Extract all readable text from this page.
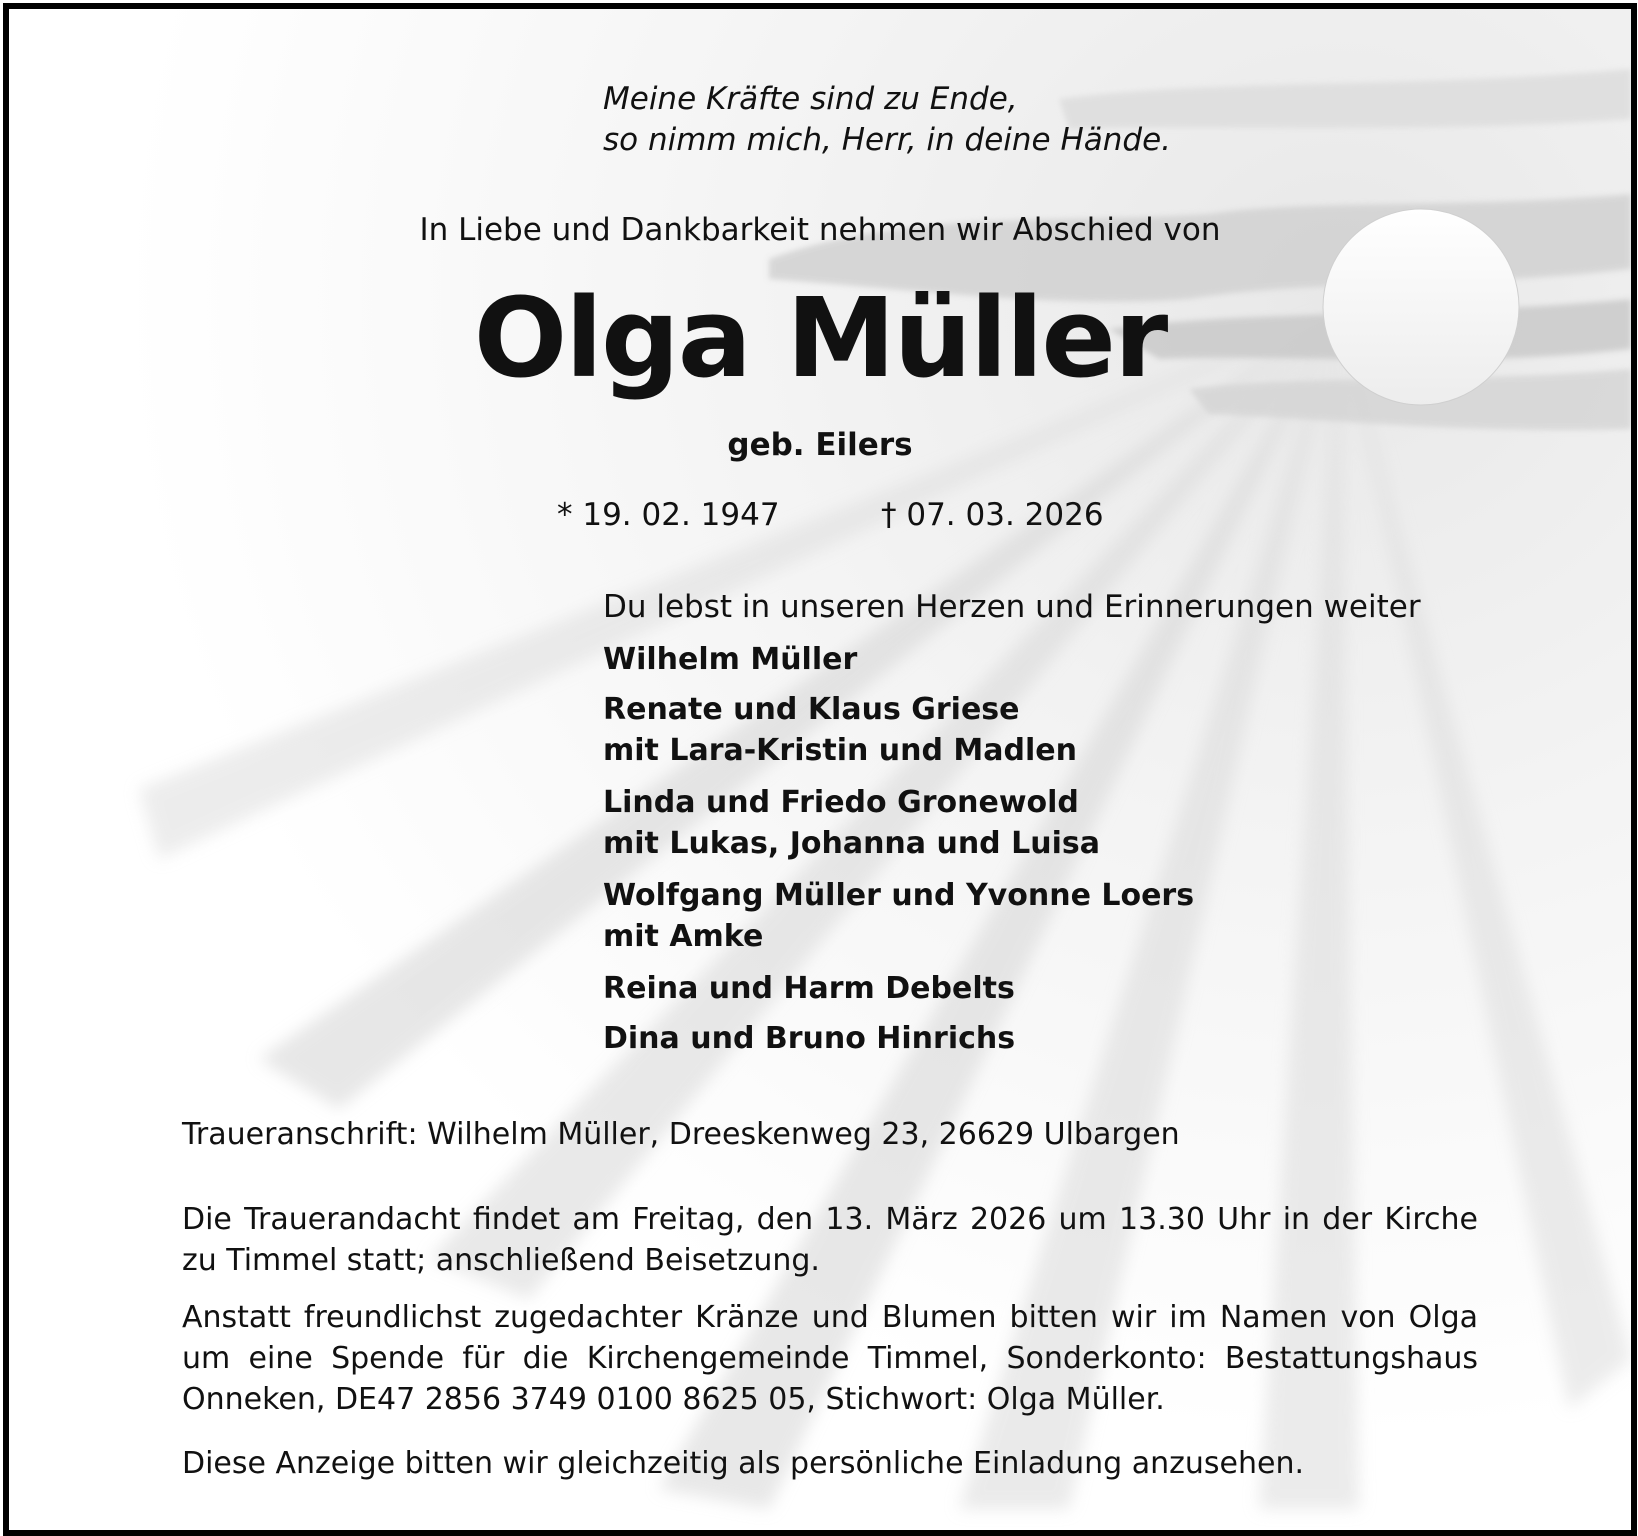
Meine Kräfte sind zu Ende,
so nimm mich, Herr, in deine Hände.
In Liebe und Dankbarkeit nehmen wir Abschied von
Olga Müller
geb. Eilers
* 19. 02. 1947	† 07. 03. 2026
Du lebst in unseren Herzen und Erinnerungen weiter
Wilhelm Müller
Renate und Klaus Griese
mit Lara-Kristin und Madlen
Linda und Friedo Gronewold
mit Lukas, Johanna und Luisa
Wolfgang Müller und Yvonne Loers
mit Amke
Reina und Harm Debelts
Dina und Bruno Hinrichs
Traueranschrift: Wilhelm Müller, Dreeskenweg 23, 26629 Ulbargen
Die Trauerandacht findet am Freitag, den 13. März 2026 um 13.30 Uhr in der Kirche
zu Timmel statt; anschließend Beisetzung.
Anstatt freundlichst zugedachter Kränze und Blumen bitten wir im Namen von Olga
um eine Spende für die Kirchengemeinde Timmel, Sonderkonto: Bestattungshaus
Onneken, DE47 2856 3749 0100 8625 05, Stichwort: Olga Müller.
Diese Anzeige bitten wir gleichzeitig als persönliche Einladung anzusehen.
